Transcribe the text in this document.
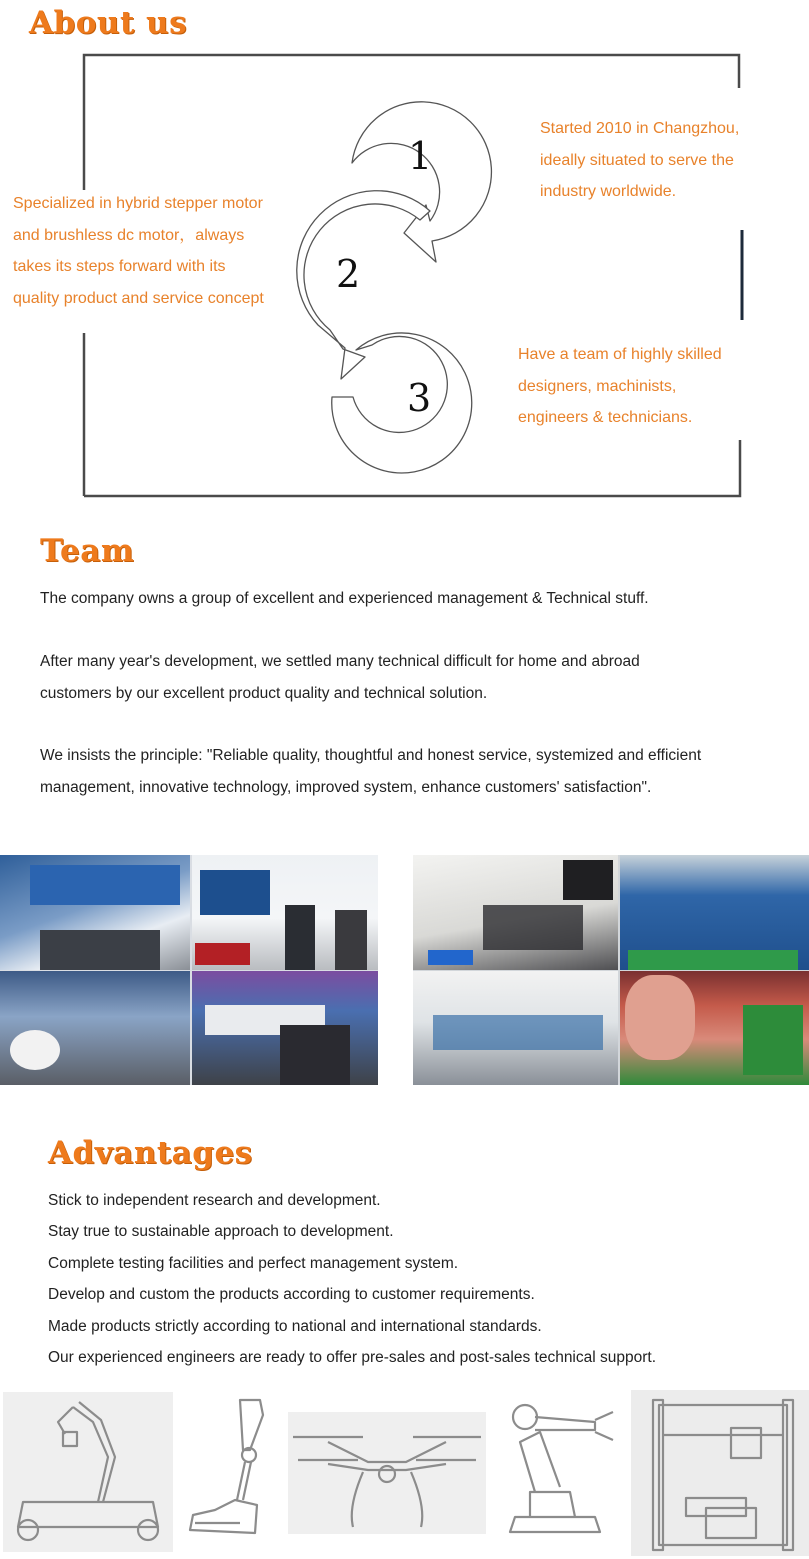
About us
1
2
3
Started 2010 in Changzhou,
ideally situated to serve the
industry worldwide.
Specialized in hybrid stepper motor
and brushless dc motor，always
takes its steps forward with its
quality product and service concept
Have a team of highly skilled
designers, machinists,
engineers & technicians.
Team

The company owns a group of excellent and experienced management & Technical stuff.

After many year's development, we settled many technical difficult for home and abroad

customers by our excellent product quality and technical solution.

We insists the principle: "Reliable quality, thoughtful and honest service, systemized and efficient

management, innovative technology, improved system, enhance customers' satisfaction".

Advantages
Stick to independent research and development.
Stay true to sustainable approach to development.
Complete testing facilities and perfect management system.
Develop and custom the products according to customer requirements.
Made products strictly according to national and international standards.
Our experienced engineers are ready to offer pre-sales and post-sales technical support.
